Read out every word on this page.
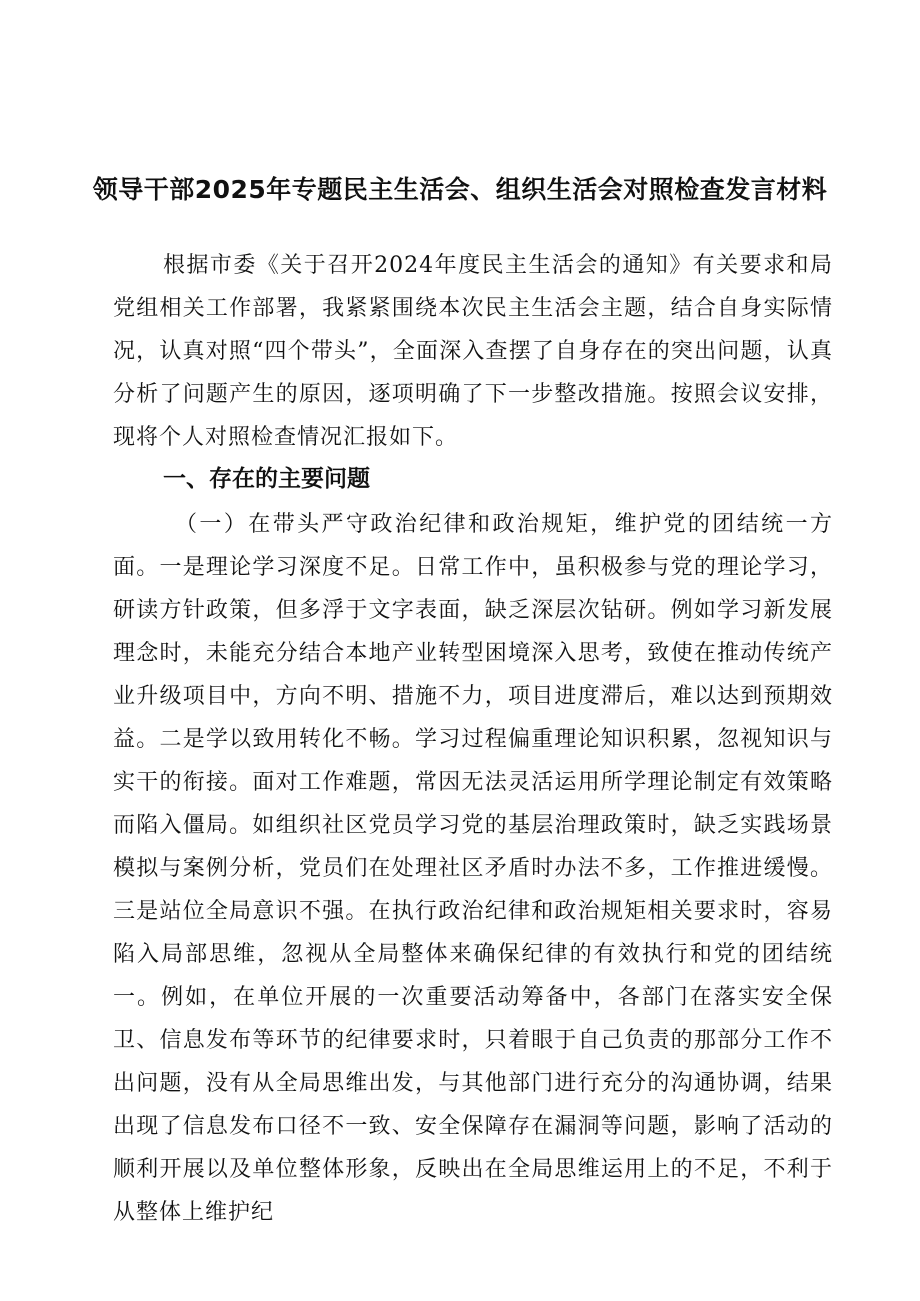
领导干部2025年专题民主生活会、组织生活会对照检查发言材料

根据市委《关于召开2024年度民主生活会的通知》有关要求和局党组相关工作部署，我紧紧围绕本次民主生活会主题，结合自身实际情况，认真对照“四个带头”，全面深入查摆了自身存在的突出问题，认真分析了问题产生的原因，逐项明确了下一步整改措施。按照会议安排，现将个人对照检查情况汇报如下。

一、存在的主要问题

（一）在带头严守政治纪律和政治规矩，维护党的团结统一方面。一是理论学习深度不足。日常工作中，虽积极参与党的理论学习，研读方针政策，但多浮于文字表面，缺乏深层次钻研。例如学习新发展理念时，未能充分结合本地产业转型困境深入思考，致使在推动传统产业升级项目中，方向不明、措施不力，项目进度滞后，难以达到预期效益。二是学以致用转化不畅。学习过程偏重理论知识积累，忽视知识与实干的衔接。面对工作难题，常因无法灵活运用所学理论制定有效策略而陷入僵局。如组织社区党员学习党的基层治理政策时，缺乏实践场景模拟与案例分析，党员们在处理社区矛盾时办法不多，工作推进缓慢。三是站位全局意识不强。在执行政治纪律和政治规矩相关要求时，容易陷入局部思维，忽视从全局整体来确保纪律的有效执行和党的团结统一。例如，在单位开展的一次重要活动筹备中，各部门在落实安全保卫、信息发布等环节的纪律要求时，只着眼于自己负责的那部分工作不出问题，没有从全局思维出发，与其他部门进行充分的沟通协调，结果出现了信息发布口径不一致、安全保障存在漏洞等问题，影响了活动的顺利开展以及单位整体形象，反映出在全局思维运用上的不足，不利于从整体上维护纪
